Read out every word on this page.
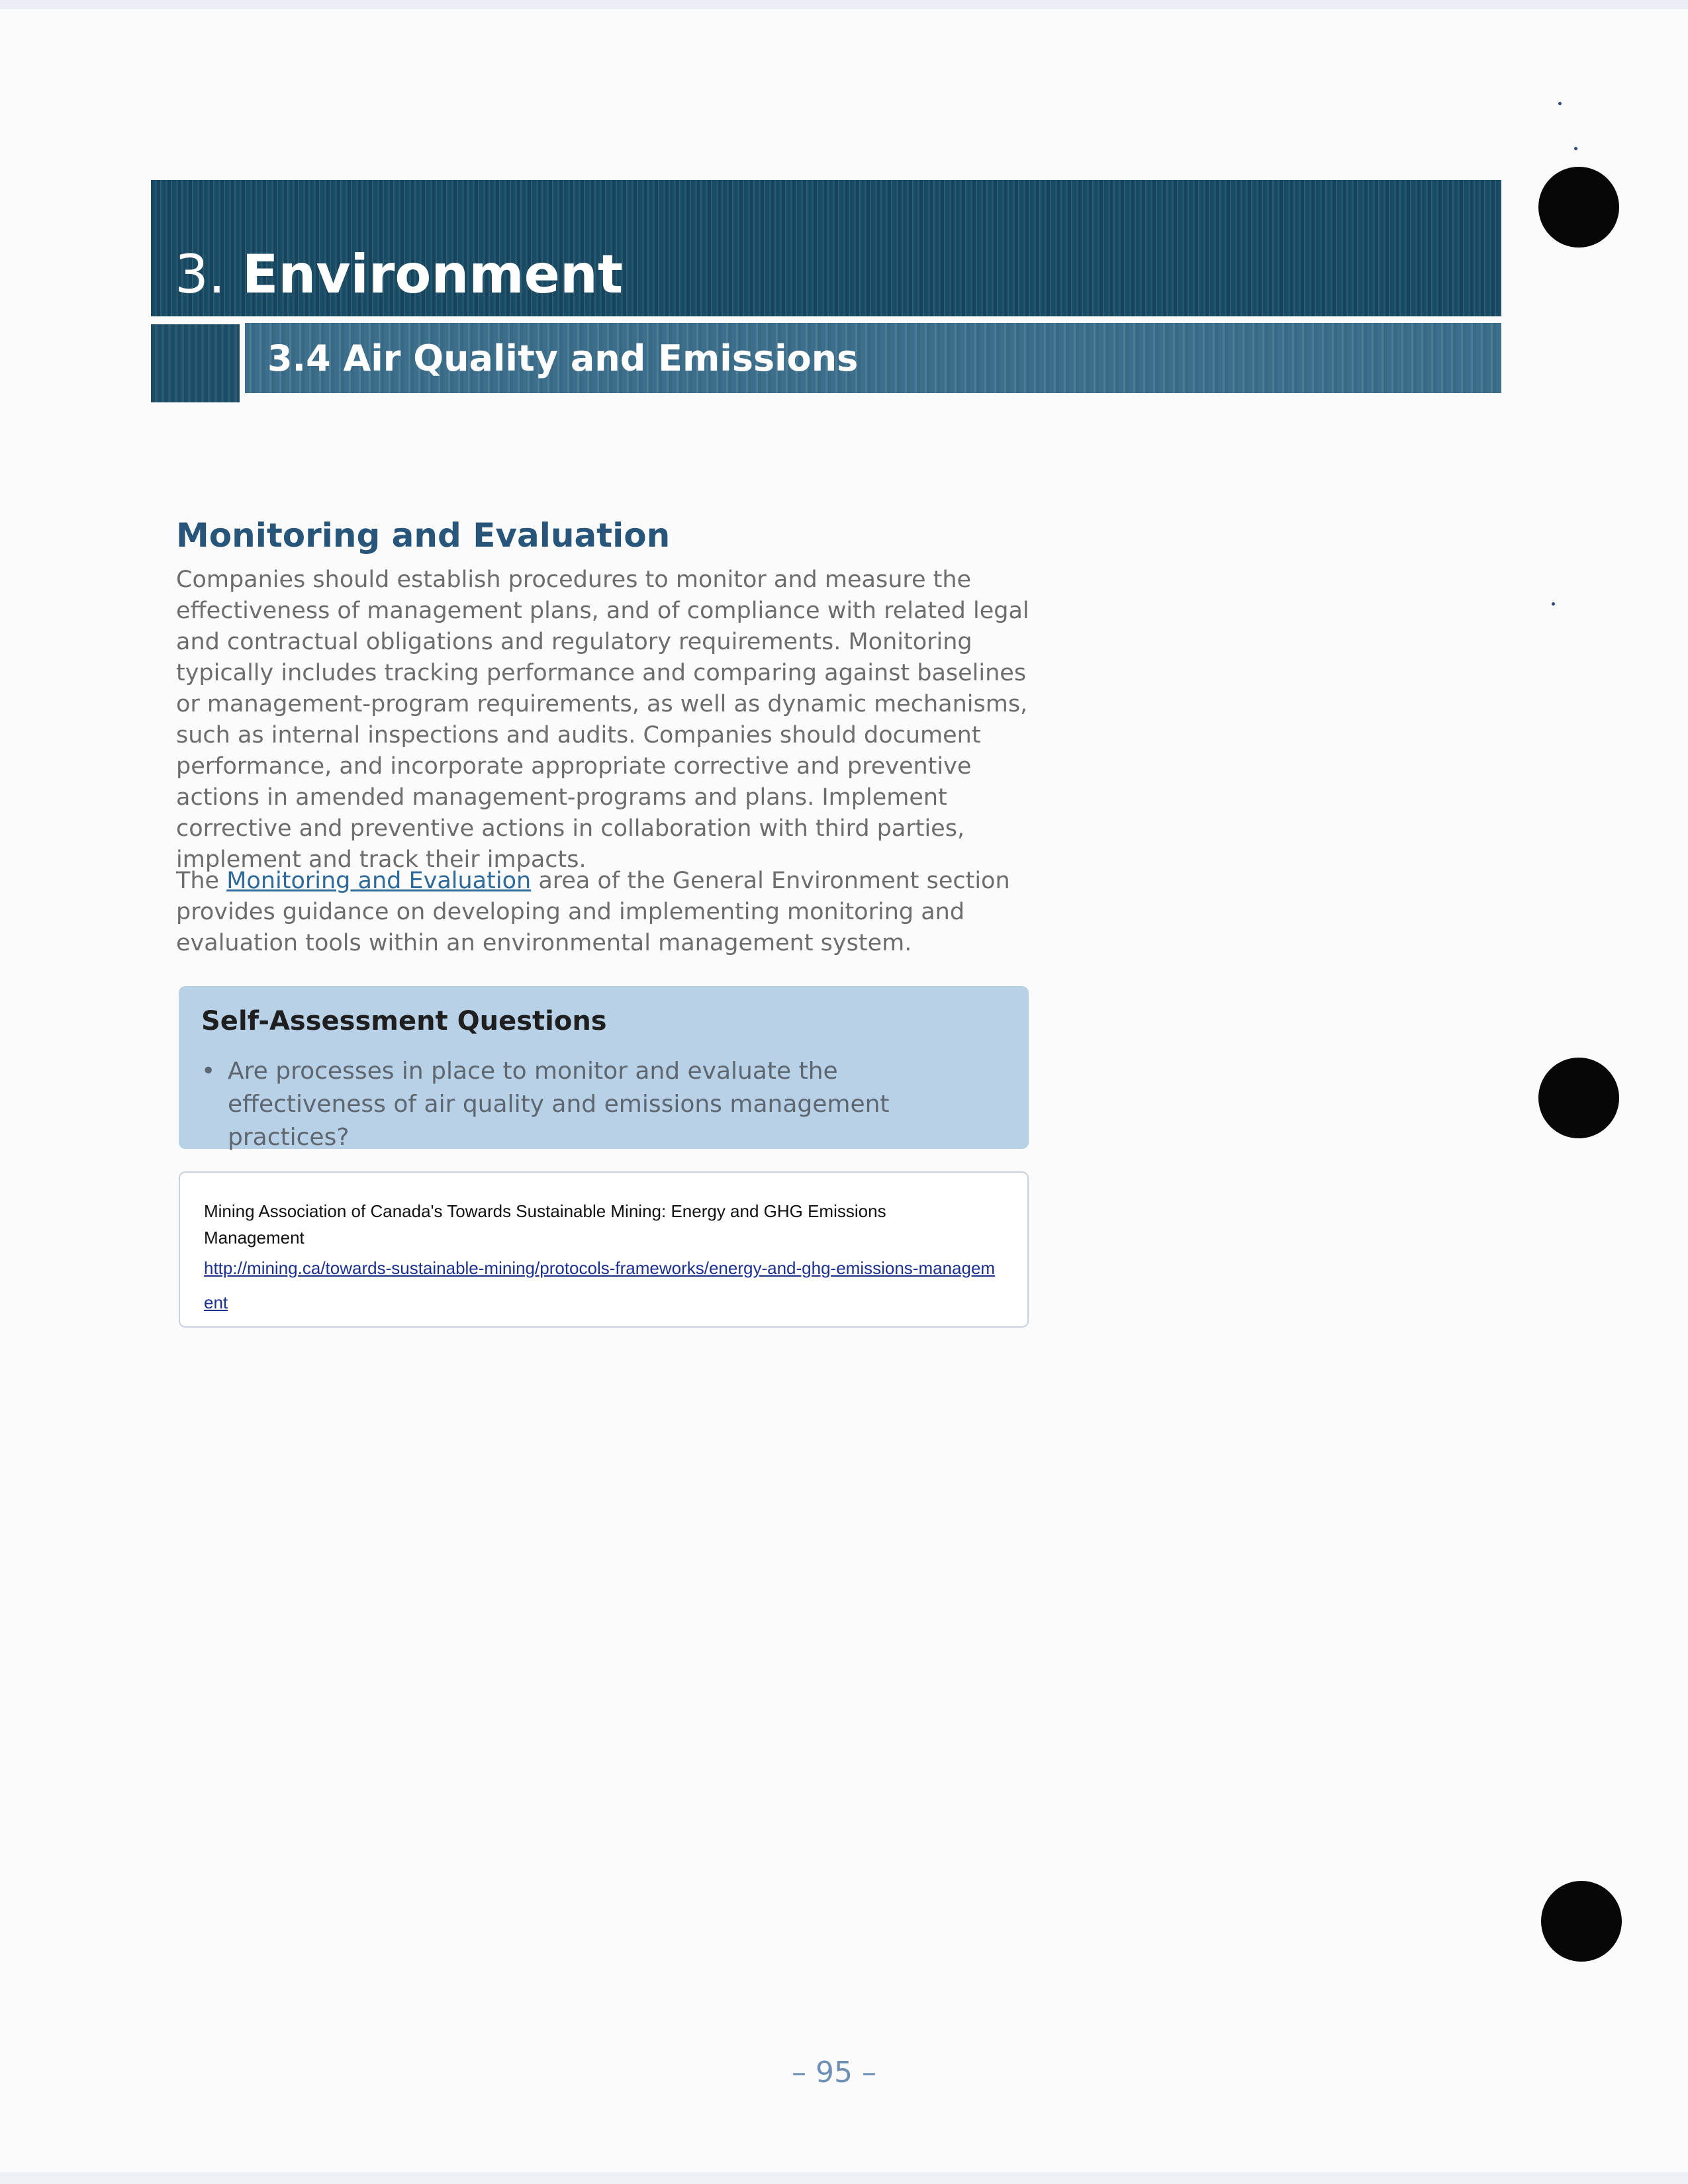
3. Environment
3.4 Air Quality and Emissions
Monitoring and Evaluation

Companies should establish procedures to monitor and measure the effectiveness of management plans, and of compliance with related legal and contractual obligations and regulatory requirements. Monitoring typically includes tracking performance and comparing against baselines or management-program requirements, as well as dynamic mechanisms, such as internal inspections and audits. Companies should document performance, and incorporate appropriate corrective and preventive actions in amended management-programs and plans. Implement corrective and preventive actions in collaboration with third parties, implement and track their impacts.

The Monitoring and Evaluation area of the General Environment section provides guidance on developing and implementing monitoring and evaluation tools within an environmental management system.

Self-Assessment Questions
• Are processes in place to monitor and evaluate the effectiveness of air quality and emissions management practices?
Mining Association of Canada's Towards Sustainable Mining: Energy and GHG Emissions Management
http://mining.ca/towards-sustainable-mining/protocols-frameworks/energy-and-ghg-emissions-management
– 95 –
